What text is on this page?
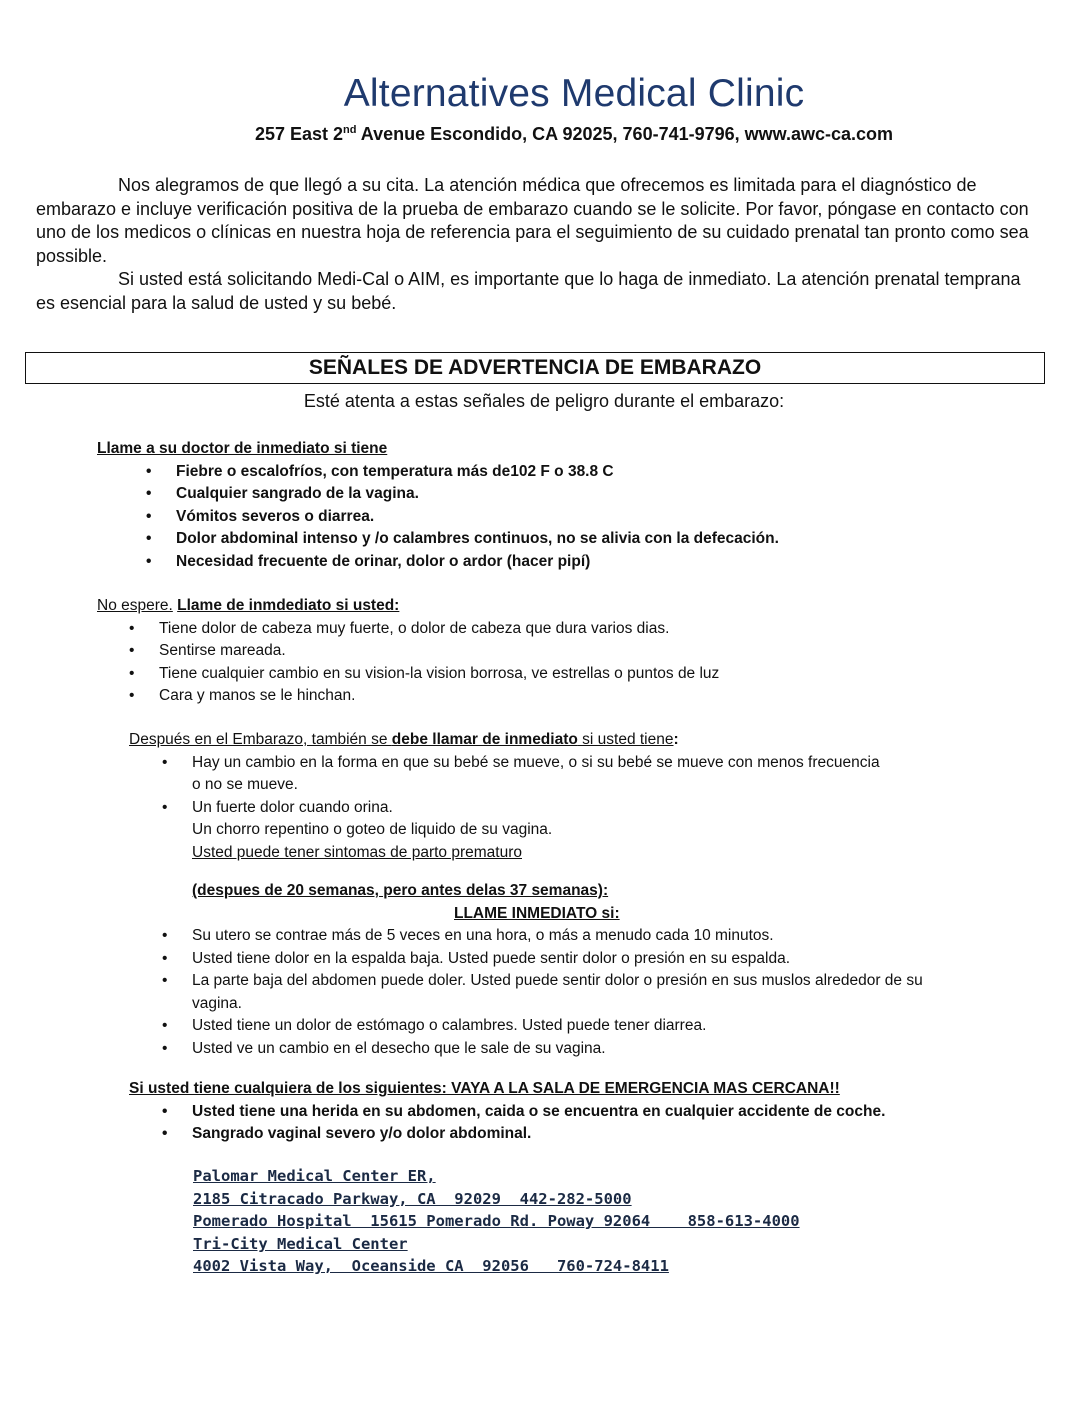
Alternatives Medical Clinic
257 East 2nd Avenue Escondido, CA 92025, 760-741-9796, www.awc-ca.com

Nos alegramos de que llegó a su cita. La atención médica que ofrecemos es limitada para el diagnóstico de embarazo e incluye verificación positiva de la prueba de embarazo cuando se le solicite. Por favor, póngase en contacto con uno de los medicos o clínicas en nuestra hoja de referencia para el seguimiento de su cuidado prenatal tan pronto como sea possible.

Si usted está solicitando Medi-Cal o AIM, es importante que lo haga de inmediato. La atención prenatal temprana es esencial para la salud de usted y su bebé.

SEÑALES DE ADVERTENCIA DE EMBARAZO
Esté atenta a estas señales de peligro durante el embarazo:
Llame a su doctor de inmediato si tiene
• Fiebre o escalofríos, con temperatura más de102 F o 38.8 C
• Cualquier sangrado de la vagina.
• Vómitos severos o diarrea.
• Dolor abdominal intenso y /o calambres continuos, no se alivia con la defecación.
• Necesidad frecuente de orinar, dolor o ardor (hacer pipí)
No espere. Llame de inmdediato si usted:
• Tiene dolor de cabeza muy fuerte, o dolor de cabeza que dura varios dias.
• Sentirse mareada.
• Tiene cualquier cambio en su vision-la vision borrosa, ve estrellas o puntos de luz
• Cara y manos se le hinchan.
Después en el Embarazo, también se debe llamar de inmediato si usted tiene:
• Hay un cambio en la forma en que su bebé se mueve, o si su bebé se mueve con menos frecuencia
o no se mueve.
• Un fuerte dolor cuando orina.
Un chorro repentino o goteo de liquido de su vagina.
Usted puede tener sintomas de parto prematuro
(despues de 20 semanas, pero antes delas 37 semanas):
LLAME INMEDIATO si:
• Su utero se contrae más de 5 veces en una hora, o más a menudo cada 10 minutos.
• Usted tiene dolor en la espalda baja. Usted puede sentir dolor o presión en su espalda.
• La parte baja del abdomen puede doler. Usted puede sentir dolor o presión en sus muslos alrededor de su vagina.
• Usted tiene un dolor de estómago o calambres. Usted puede tener diarrea.
• Usted ve un cambio en el desecho que le sale de su vagina.
Si usted tiene cualquiera de los siguientes: VAYA A LA SALA DE EMERGENCIA MAS CERCANA!!
• Usted tiene una herida en su abdomen, caida o se encuentra en cualquier accidente de coche.
• Sangrado vaginal severo y/o dolor abdominal.
Palomar Medical Center ER,
2185 Citracado Parkway, CA  92029  442-282-5000
Pomerado Hospital  15615 Pomerado Rd. Poway 92064    858-613-4000
Tri-City Medical Center
4002 Vista Way,  Oceanside CA  92056   760-724-8411
